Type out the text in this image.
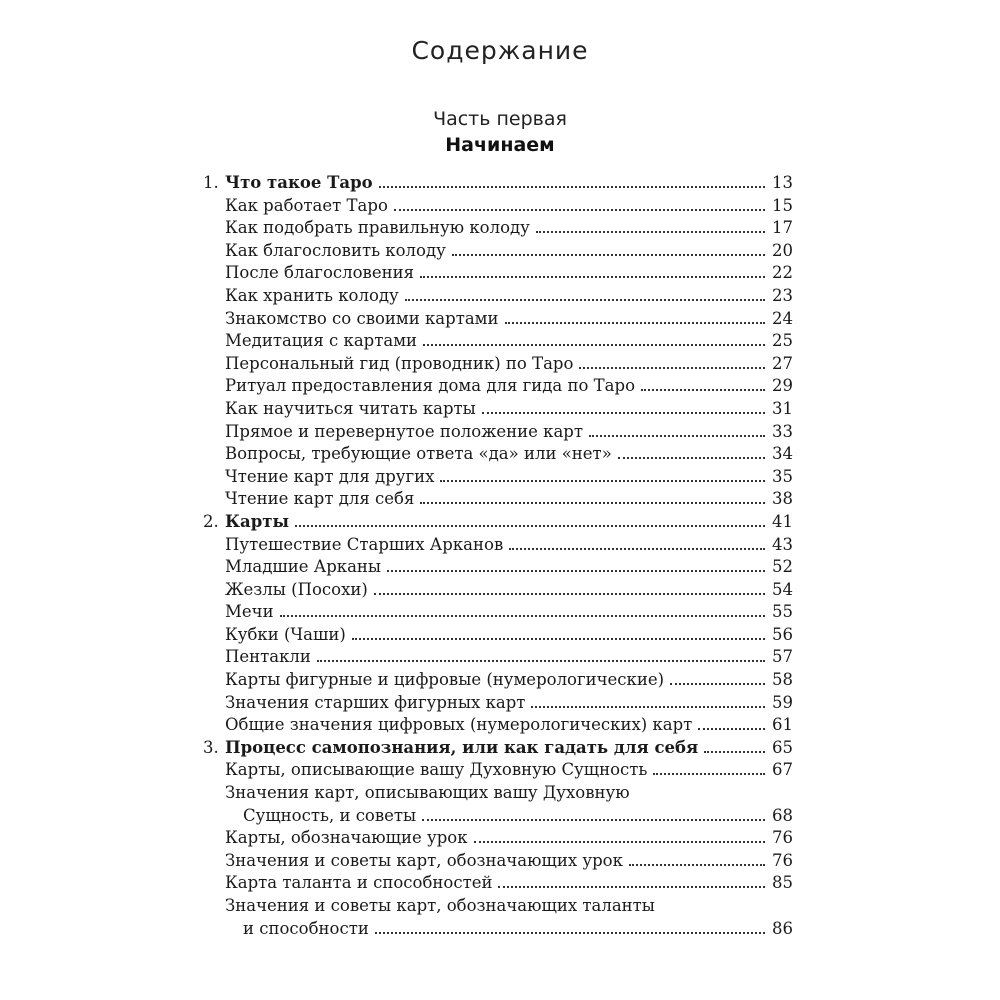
Содержание
Часть первая
Начинаем
1. Что такое Таро	13
Как работает Таро	15
Как подобрать правильную колоду	17
Как благословить колоду	20
После благословения	22
Как хранить колоду	23
Знакомство со своими картами	24
Медитация с картами	25
Персональный гид (проводник) по Таро	27
Ритуал предоставления дома для гида по Таро	29
Как научиться читать карты	31
Прямое и перевернутое положение карт	33
Вопросы, требующие ответа «да» или «нет»	34
Чтение карт для других	35
Чтение карт для себя	38
2. Карты	41
Путешествие Старших Арканов	43
Младшие Арканы	52
Жезлы (Посохи)	54
Мечи	55
Кубки (Чаши)	56
Пентакли	57
Карты фигурные и цифровые (нумерологические)	58
Значения старших фигурных карт	59
Общие значения цифровых (нумерологических) карт	61
3. Процесс самопознания, или как гадать для себя	65
Карты, описывающие вашу Духовную Сущность	67
Значения карт, описывающих вашу Духовную
Сущность, и советы	68
Карты, обозначающие урок	76
Значения и советы карт, обозначающих урок	76
Карта таланта и способностей	85
Значения и советы карт, обозначающих таланты
и способности	86
